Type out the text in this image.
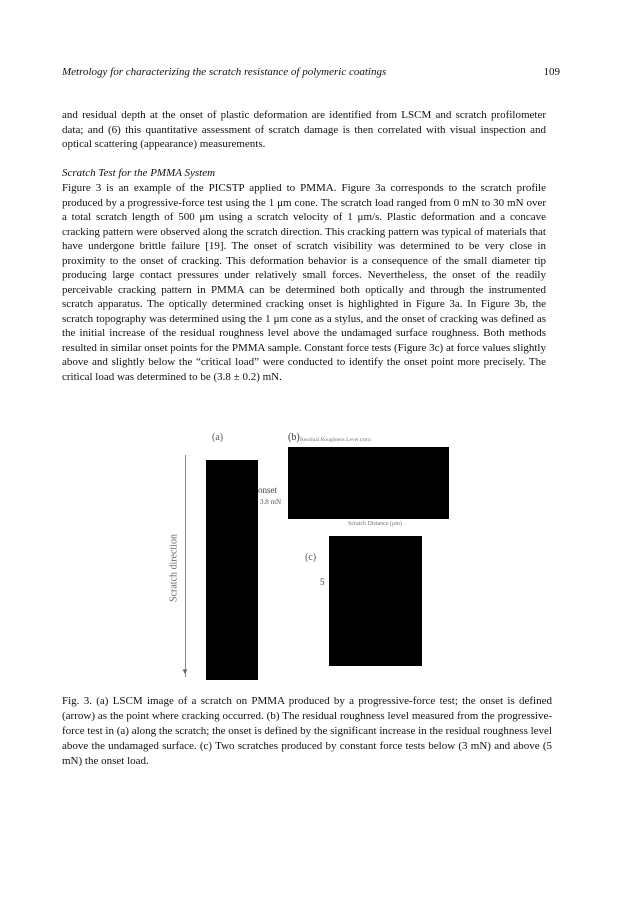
Metrology for characterizing the scratch resistance of polymeric coatings	109

and residual depth at the onset of plastic deformation are identified from LSCM and scratch profilometer data; and (6) this quantitative assessment of scratch damage is then correlated with visual inspection and optical scattering (appearance) measurements.

Scratch Test for the PMMA System

Figure 3 is an example of the PICSTP applied to PMMA. Figure 3a corresponds to the scratch profile produced by a progressive-force test using the 1 μm cone. The scratch load ranged from 0 mN to 30 mN over a total scratch length of 500 μm using a scratch velocity of 1 μm/s. Plastic deformation and a concave cracking pattern were observed along the scratch direction. This cracking pattern was typical of materials that have undergone brittle failure [19]. The onset of scratch visibility was determined to be very close in proximity to the onset of cracking. This deformation behavior is a consequence of the small diameter tip producing large contact pressures under relatively small forces. Nevertheless, the onset of the readily perceivable cracking pattern in PMMA can be determined both optically and through the instrumented scratch apparatus. The optically determined cracking onset is highlighted in Figure 3a. In Figure 3b, the scratch topography was determined using the 1 μm cone as a stylus, and the onset of cracking was defined as the initial increase of the residual roughness level above the undamaged surface roughness. Both methods resulted in similar onset points for the PMMA sample. Constant force tests (Figure 3c) at force values slightly above and slightly below the “critical load” were conducted to identify the onset point more precisely. The critical load was determined to be (3.8 ± 0.2) mN.

(a)
▼
Scratch direction
onset
3.8 mN
(b) Residual Roughness Level (nm)
Scratch Distance (μm)
(c)
5

Fig. 3. (a) LSCM image of a scratch on PMMA produced by a progressive-force test; the onset is defined (arrow) as the point where cracking occurred. (b) The residual roughness level measured from the progressive-force test in (a) along the scratch; the onset is defined by the significant increase in the residual roughness level above the undamaged surface. (c) Two scratches produced by constant force tests below (3 mN) and above (5 mN) the onset load.
